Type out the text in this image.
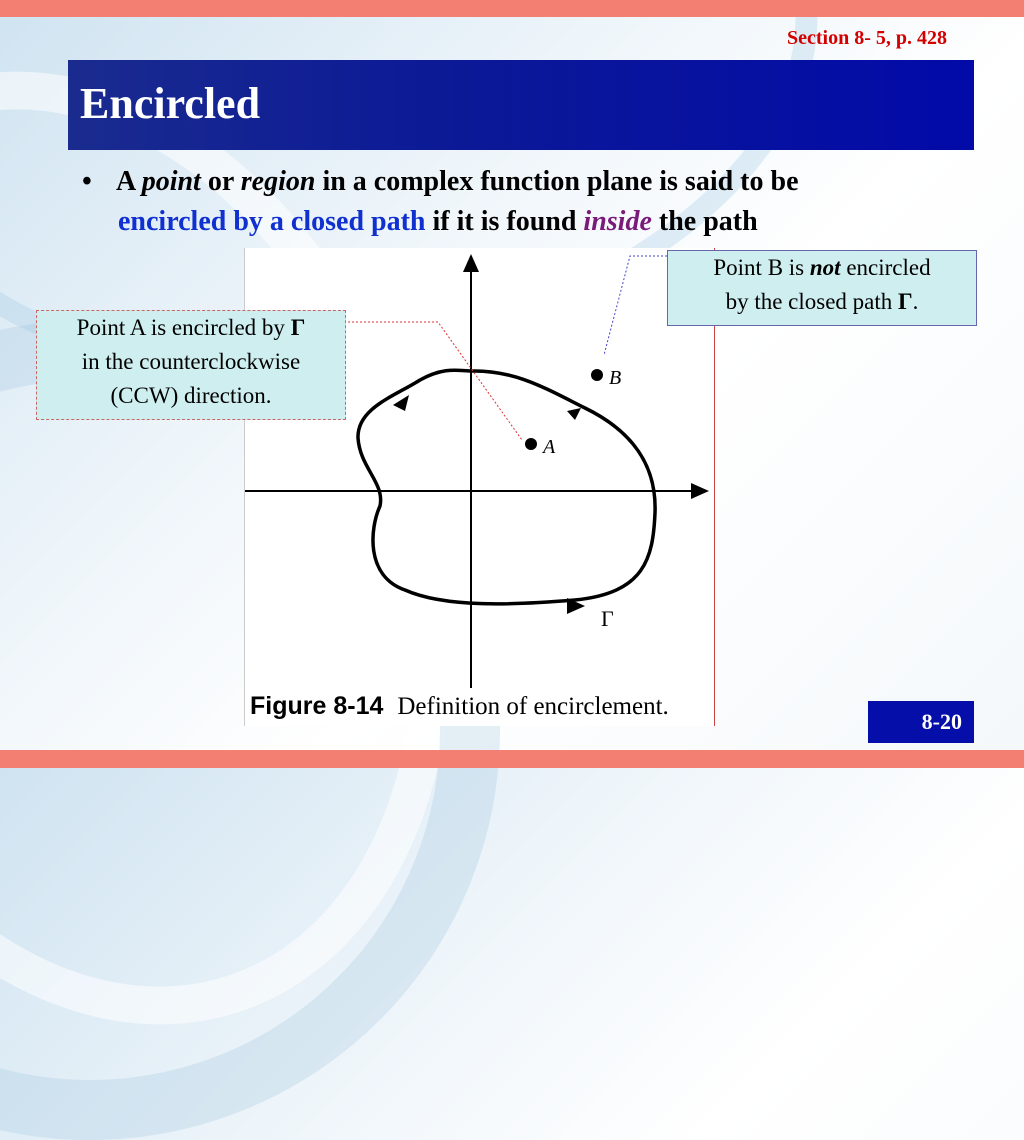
Section 8- 5, p. 428
Encircled
• A point or region in a complex function plane is said to be
encircled by a closed path if it is found inside the path
A
B
Γ
Figure 8-14 Definition of encirclement.
Point A is encircled by Γ
in the counterclockwise
(CCW) direction.
Point B is not encircled
by the closed path Γ.
8-20
